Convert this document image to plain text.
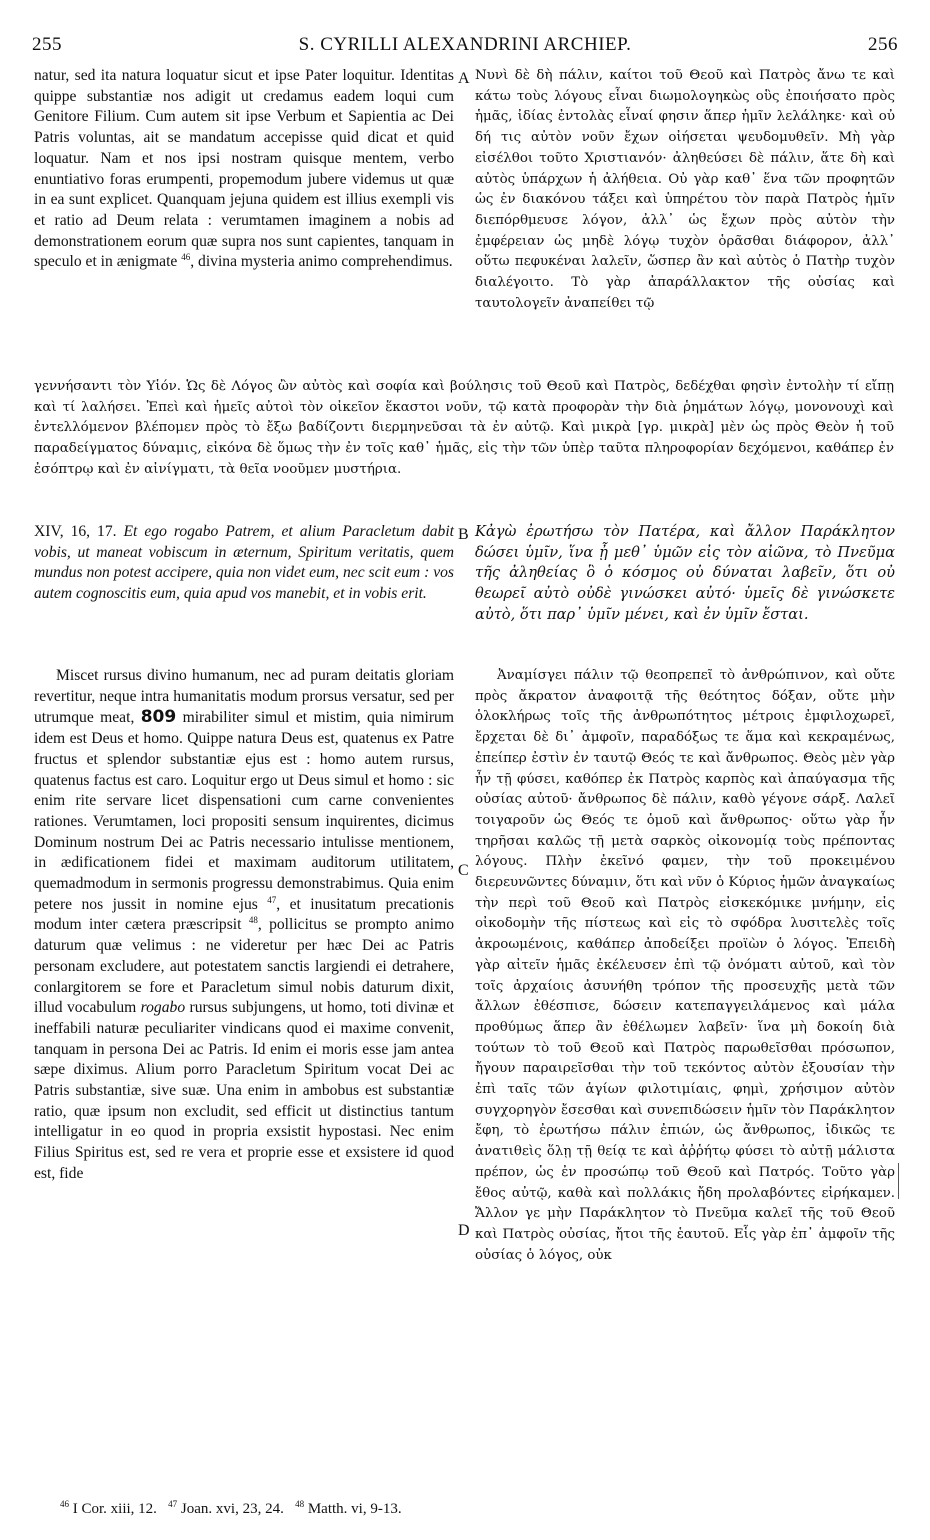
255	S. CYRILLI ALEXANDRINI ARCHIEP.	256

natur, sed ita natura loquatur sicut et ipse Pater loquitur. Identitas quippe substantiæ nos adigit ut credamus eadem loqui cum Genitore Filium. Cum autem sit ipse Verbum et Sapientia ac Dei Patris voluntas, ait se mandatum accepisse quid dicat et quid loquatur. Nam et nos ipsi nostram quisque mentem, verbo enuntiativo foras erumpenti, propemodum jubere videmus ut quæ in ea sunt explicet. Quanquam jejuna quidem est illius exempli vis et ratio ad Deum relata : verumtamen imaginem a nobis ad demonstrationem eorum quæ supra nos sunt capientes, tanquam in speculo et in ænigmate $^{46}$, divina mysteria animo comprehendimus.

A Νυνὶ δὲ δὴ πάλιν, καίτοι τοῦ Θεοῦ καὶ Πατρὸς ἄνω τε καὶ κάτω τοὺς λόγους εἶναι διωμολογηκὼς οὓς ἐποιήσατο πρὸς ἡμᾶς, ἰδίας ἐντολὰς εἶναί φησιν ἅπερ ἡμῖν λελάληκε· καὶ οὐ δή τις αὐτὸν νοῦν ἔχων οἰήσεται ψευδομυθεῖν. Μὴ γὰρ εἰσέλθοι τοῦτο Χριστιανόν· ἀληθεύσει δὲ πάλιν, ἅτε δὴ καὶ αὐτὸς ὑπάρχων ἡ ἀλήθεια. Οὐ γὰρ καθ᾽ ἕνα τῶν προφητῶν ὡς ἐν διακόνου τάξει καὶ ὑπηρέτου τὸν παρὰ Πατρὸς ἡμῖν διεπόρθμευσε λόγον, ἀλλ᾽ ὡς ἔχων πρὸς αὐτὸν τὴν ἐμφέρειαν ὡς μηδὲ λόγῳ τυχὸν ὁρᾶσθαι διάφορον, ἀλλ᾽ οὕτω πεφυκέναι λαλεῖν, ὥσπερ ἂν καὶ αὐτὸς ὁ Πατὴρ τυχὸν διαλέγοιτο. Τὸ γὰρ ἀπαράλλακτον τῆς οὐσίας καὶ ταυτολογεῖν ἀναπείθει τῷ

γεννήσαντι τὸν Υἱόν. Ὡς δὲ Λόγος ὢν αὐτὸς καὶ σοφία καὶ βούλησις τοῦ Θεοῦ καὶ Πατρὸς, δεδέχθαι φησὶν ἐντολὴν τί εἴπῃ καὶ τί λαλήσει. Ἐπεὶ καὶ ἡμεῖς αὐτοὶ τὸν οἰκεῖον ἕκαστοι νοῦν, τῷ κατὰ προφορὰν τὴν διὰ ῥημάτων λόγῳ, μονονουχὶ καὶ ἐντελλόμενον βλέπομεν πρὸς τὸ ἔξω βαδίζοντι διερμηνεῦσαι τὰ ἐν αὐτῷ. Καὶ μικρὰ [γρ. μικρὰ] μὲν ὡς πρὸς Θεὸν ἡ τοῦ παραδείγματος δύναμις, εἰκόνα δὲ ὅμως τὴν ἐν τοῖς καθ᾽ ἡμᾶς, εἰς τὴν τῶν ὑπὲρ ταῦτα πληροφορίαν δεχόμενοι, καθάπερ ἐν ἐσόπτρῳ καὶ ἐν αἰνίγματι, τὰ θεῖα νοοῦμεν μυστήρια.

XIV, 16, 17. Et ego rogabo Patrem, et alium Paracletum dabit vobis, ut maneat vobiscum in æternum, Spiritum veritatis, quem mundus non potest accipere, quia non videt eum, nec scit eum : vos autem cognoscitis eum, quia apud vos manebit, et in vobis erit.

B Κἀγὼ ἐρωτήσω τὸν Πατέρα, καὶ ἄλλον Παράκλητον δώσει ὑμῖν, ἵνα ᾖ μεθ᾽ ὑμῶν εἰς τὸν αἰῶνα, τὸ Πνεῦμα τῆς ἀληθείας ὃ ὁ κόσμος οὐ δύναται λαβεῖν, ὅτι οὐ θεωρεῖ αὐτὸ οὐδὲ γινώσκει αὐτό· ὑμεῖς δὲ γινώσκετε αὐτὸ, ὅτι παρ᾽ ὑμῖν μένει, καὶ ἐν ὑμῖν ἔσται.

Miscet rursus divino humanum, nec ad puram deitatis gloriam revertitur, neque intra humanitatis modum prorsus versatur, sed per utrumque meat, 809 mirabiliter simul et mistim, quia nimirum idem est Deus et homo. Quippe natura Deus est, quatenus ex Patre fructus et splendor substantiæ ejus est : homo autem rursus, quatenus factus est caro. Loquitur ergo ut Deus simul et homo : sic enim rite servare licet dispensationi cum carne convenientes rationes. Verumtamen, loci propositi sensum inquirentes, dicimus Dominum nostrum Dei ac Patris necessario intulisse mentionem, in ædificationem fidei et maximam auditorum utilitatem, quemadmodum in sermonis progressu demonstrabimus. Quia enim petere nos jussit in nomine ejus $^{47}$, et inusitatum precationis modum inter cætera præscripsit $^{48}$, pollicitus se prompto animo daturum quæ velimus : ne videretur per hæc Dei ac Patris personam excludere, aut potestatem sanctis largiendi ei detrahere, conlargitorem se fore et Paracletum simul nobis daturum dixit, illud vocabulum rogabo rursus subjungens, ut homo, toti divinæ et ineffabili naturæ peculiariter vindicans quod ei maxime convenit, tanquam in persona Dei ac Patris. Id enim ei moris esse jam antea sæpe diximus. Alium porro Paracletum Spiritum vocat Dei ac Patris substantiæ, sive suæ. Una enim in ambobus est substantiæ ratio, quæ ipsum non excludit, sed efficit ut distinctius tantum intelligatur in eo quod in propria exsistit hypostasi. Nec enim Filius Spiritus est, sed re vera et proprie esse et exsistere id quod est, fide

C
D

Ἀναμίσγει πάλιν τῷ θεοπρεπεῖ τὸ ἀνθρώπινον, καὶ οὔτε πρὸς ἄκρατον ἀναφοιτᾷ τῆς θεότητος δόξαν, οὔτε μὴν ὁλοκλήρως τοῖς τῆς ἀνθρωπότητος μέτροις ἐμφιλοχωρεῖ, ἔρχεται δὲ δι᾽ ἀμφοῖν, παραδόξως τε ἅμα καὶ κεκραμένως, ἐπείπερ ἐστὶν ἐν ταυτῷ Θεός τε καὶ ἄνθρωπος. Θεὸς μὲν γὰρ ἦν τῇ φύσει, καθόπερ ἐκ Πατρὸς καρπὸς καὶ ἀπαύγασμα τῆς οὐσίας αὐτοῦ· ἄνθρωπος δὲ πάλιν, καθὸ γέγονε σάρξ. Λαλεῖ τοιγαροῦν ὡς Θεός τε ὁμοῦ καὶ ἄνθρωπος· οὕτω γὰρ ἦν τηρῆσαι καλῶς τῇ μετὰ σαρκὸς οἰκονομίᾳ τοὺς πρέποντας λόγους. Πλὴν ἐκεῖνό φαμεν, τὴν τοῦ προκειμένου διερευνῶντες δύναμιν, ὅτι καὶ νῦν ὁ Κύριος ἡμῶν ἀναγκαίως τὴν περὶ τοῦ Θεοῦ καὶ Πατρὸς εἰσκεκόμικε μνήμην, εἰς οἰκοδομὴν τῆς πίστεως καὶ εἰς τὸ σφόδρα λυσιτελὲς τοῖς ἀκροωμένοις, καθάπερ ἀποδείξει προϊὼν ὁ λόγος. Ἐπειδὴ γὰρ αἰτεῖν ἡμᾶς ἐκέλευσεν ἐπὶ τῷ ὀνόματι αὐτοῦ, καὶ τὸν τοῖς ἀρχαίοις ἀσυνήθη τρόπον τῆς προσευχῆς μετὰ τῶν ἄλλων ἐθέσπισε, δώσειν κατεπαγγειλάμενος καὶ μάλα προθύμως ἅπερ ἂν ἐθέλωμεν λαβεῖν· ἵνα μὴ δοκοίη διὰ τούτων τὸ τοῦ Θεοῦ καὶ Πατρὸς παρωθεῖσθαι πρόσωπον, ἤγουν παραιρεῖσθαι τὴν τοῦ τεκόντος αὐτὸν ἐξουσίαν τὴν ἐπὶ ταῖς τῶν ἁγίων φιλοτιμίαις, φημὶ, χρήσιμον αὐτὸν συγχορηγὸν ἔσεσθαι καὶ συνεπιδώσειν ἡμῖν τὸν Παράκλητον ἔφη, τὸ ἐρωτήσω πάλιν ἐπιών, ὡς ἄνθρωπος, ἰδικῶς τε ἀνατιθεὶς ὅλῃ τῇ θείᾳ τε καὶ ἀῤῥήτῳ φύσει τὸ αὐτῇ μάλιστα πρέπον, ὡς ἐν προσώπῳ τοῦ Θεοῦ καὶ Πατρός. Τοῦτο γὰρ ἔθος αὐτῷ, καθὰ καὶ πολλάκις ἤδη προλαβόντες εἰρήκαμεν. Ἄλλον γε μὴν Παράκλητον τὸ Πνεῦμα καλεῖ τῆς τοῦ Θεοῦ καὶ Πατρὸς οὐσίας, ἤτοι τῆς ἑαυτοῦ. Εἷς γὰρ ἐπ᾽ ἀμφοῖν τῆς οὐσίας ὁ λόγος, οὐκ

$^{46}$ I Cor. xiii, 12. $^{47}$ Joan. xvi, 23, 24. $^{48}$ Matth. vi, 9-13.
